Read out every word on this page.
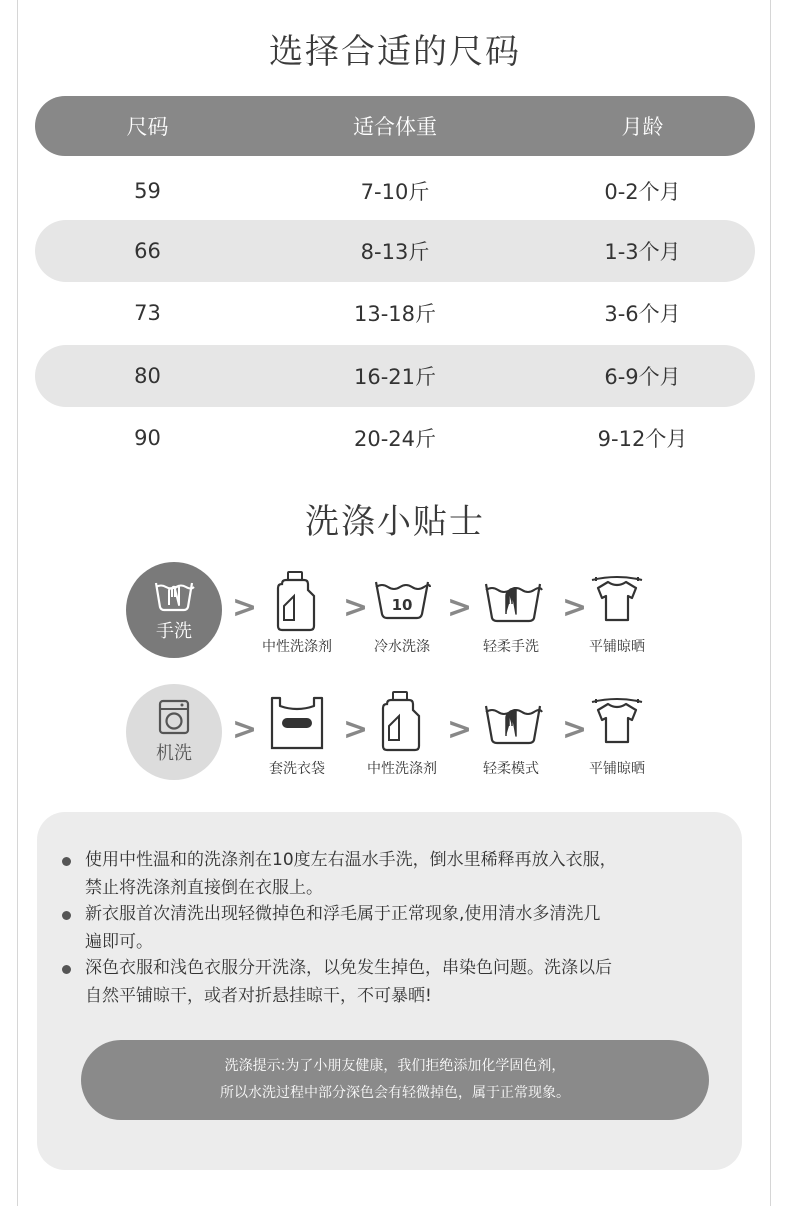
选择合适的尺码
尺码	适合体重	月龄
59	7-10斤	0-2个月
66	8-13斤	1-3个月
73	13-18斤	3-6个月
80	16-21斤	6-9个月
90	20-24斤	9-12个月
洗涤小贴士
手洗
>
中性洗涤剂
> 10
冷水洗涤
>
轻柔手洗
>
平铺晾晒
机洗
>
套洗衣袋
>
中性洗涤剂
>
轻柔模式
>
平铺晾晒
使用中性温和的洗涤剂在10度左右温水手洗，倒水里稀释再放入衣服，
禁止将洗涤剂直接倒在衣服上。
新衣服首次清洗出现轻微掉色和浮毛属于正常现象,使用清水多清洗几
遍即可。
深色衣服和浅色衣服分开洗涤，以免发生掉色，串染色问题。洗涤以后
自然平铺晾干，或者对折悬挂晾干，不可暴晒!
洗涤提示:为了小朋友健康，我们拒绝添加化学固色剂，
所以水洗过程中部分深色会有轻微掉色，属于正常现象。
